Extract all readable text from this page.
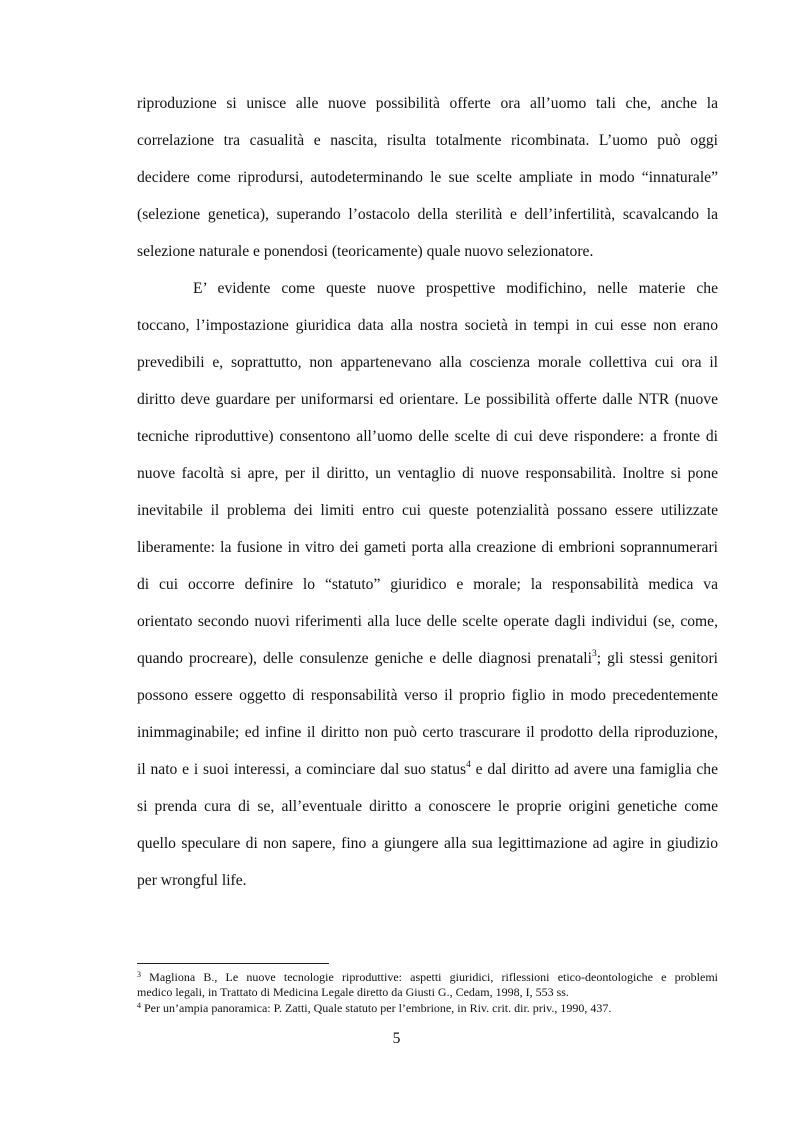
riproduzione si unisce alle nuove possibilità offerte ora all’uomo tali che, anche la
correlazione tra casualità e nascita, risulta totalmente ricombinata. L’uomo può oggi
decidere come riprodursi, autodeterminando le sue scelte ampliate in modo “innaturale”
(selezione genetica), superando l’ostacolo della sterilità e dell’infertilità, scavalcando la
selezione naturale e ponendosi (teoricamente) quale nuovo selezionatore.
E’ evidente come queste nuove prospettive modifichino, nelle materie che
toccano, l’impostazione giuridica data alla nostra società in tempi in cui esse non erano
prevedibili e, soprattutto, non appartenevano alla coscienza morale collettiva cui ora il
diritto deve guardare per uniformarsi ed orientare. Le possibilità offerte dalle NTR (nuove
tecniche riproduttive) consentono all’uomo delle scelte di cui deve rispondere: a fronte di
nuove facoltà si apre, per il diritto, un ventaglio di nuove responsabilità. Inoltre si pone
inevitabile il problema dei limiti entro cui queste potenzialità possano essere utilizzate
liberamente: la fusione in vitro dei gameti porta alla creazione di embrioni soprannumerari
di cui occorre definire lo “statuto” giuridico e morale; la responsabilità medica va
orientato secondo nuovi riferimenti alla luce delle scelte operate dagli individui (se, come,
quando procreare), delle consulenze geniche e delle diagnosi prenatali$^3$; gli stessi genitori
possono essere oggetto di responsabilità verso il proprio figlio in modo precedentemente
inimmaginabile; ed infine il diritto non può certo trascurare il prodotto della riproduzione,
il nato e i suoi interessi, a cominciare dal suo status$^4$ e dal diritto ad avere una famiglia che
si prenda cura di se, all’eventuale diritto a conoscere le proprie origini genetiche come
quello speculare di non sapere, fino a giungere alla sua legittimazione ad agire in giudizio
per wrongful life.
$^3$ Magliona B., Le nuove tecnologie riproduttive: aspetti giuridici, riflessioni etico-deontologiche e problemi
medico legali, in Trattato di Medicina Legale diretto da Giusti G., Cedam, 1998, I, 553 ss.
$^4$ Per un’ampia panoramica: P. Zatti, Quale statuto per l’embrione, in Riv. crit. dir. priv., 1990, 437.
5
